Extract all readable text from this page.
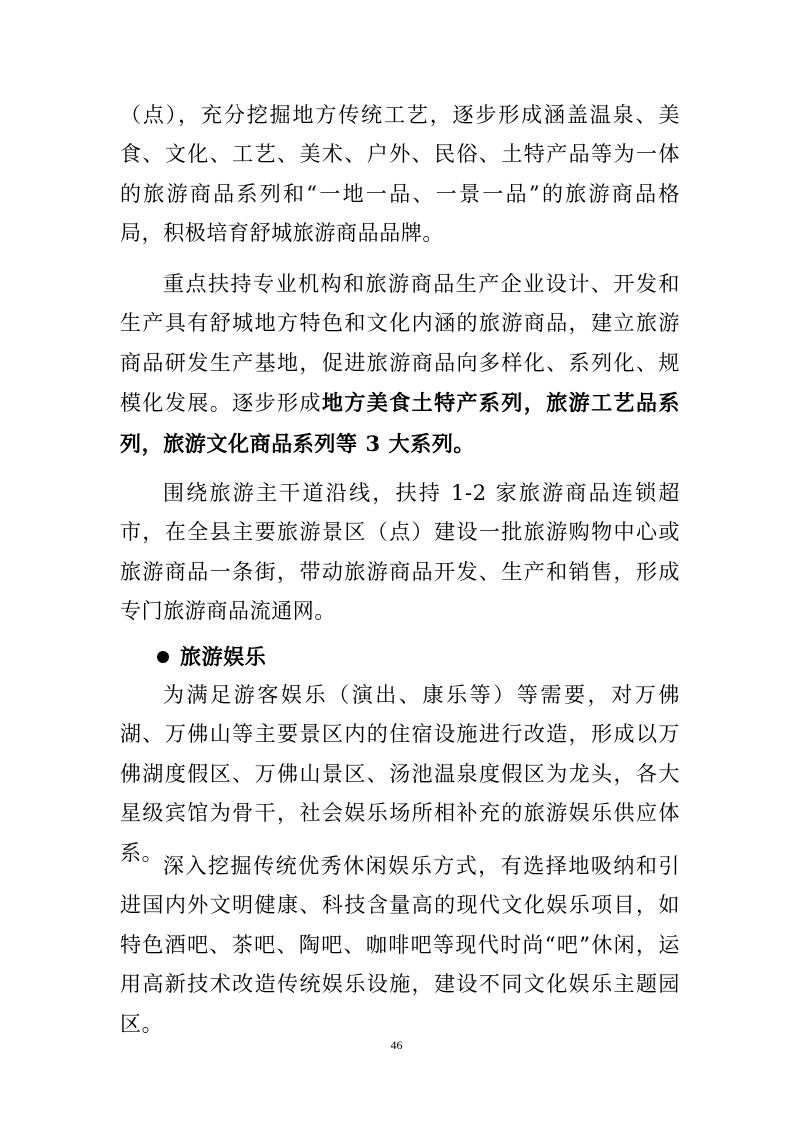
（点），充分挖掘地方传统工艺，逐步形成涵盖温泉、美食、文化、工艺、美术、户外、民俗、土特产品等为一体的旅游商品系列和“一地一品、一景一品”的旅游商品格局，积极培育舒城旅游商品品牌。

重点扶持专业机构和旅游商品生产企业设计、开发和生产具有舒城地方特色和文化内涵的旅游商品，建立旅游商品研发生产基地，促进旅游商品向多样化、系列化、规模化发展。逐步形成地方美食土特产系列，旅游工艺品系列，旅游文化商品系列等 3 大系列。

围绕旅游主干道沿线，扶持 1-2 家旅游商品连锁超市，在全县主要旅游景区（点）建设一批旅游购物中心或旅游商品一条街，带动旅游商品开发、生产和销售，形成专门旅游商品流通网。

旅游娱乐

为满足游客娱乐（演出、康乐等）等需要，对万佛湖、万佛山等主要景区内的住宿设施进行改造，形成以万佛湖度假区、万佛山景区、汤池温泉度假区为龙头，各大星级宾馆为骨干，社会娱乐场所相补充的旅游娱乐供应体系。

深入挖掘传统优秀休闲娱乐方式，有选择地吸纳和引进国内外文明健康、科技含量高的现代文化娱乐项目，如特色酒吧、茶吧、陶吧、咖啡吧等现代时尚“吧”休闲，运用高新技术改造传统娱乐设施，建设不同文化娱乐主题园区。

46
